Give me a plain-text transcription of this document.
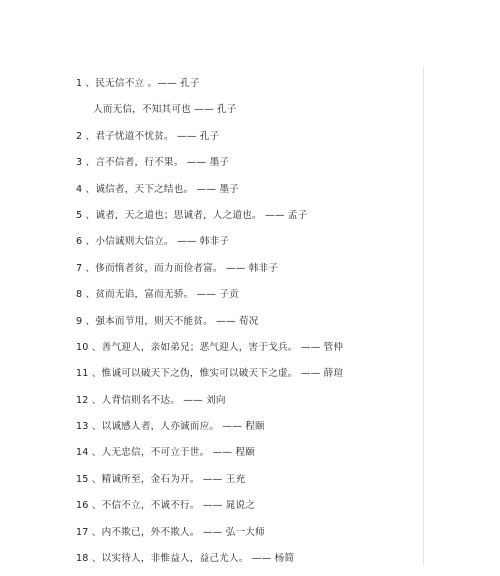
1 、民无信不立 。—— 孔子
人而无信，不知其可也 —— 孔子
2 、君子忧道不忧贫。 —— 孔子
3 、言不信者，行不果。 —— 墨子
4 、诚信者，天下之结也。 —— 墨子
5 、诚者，天之道也；思诚者，人之道也。 —— 孟子
6 、小信诚则大信立。 —— 韩非子
7 、侈而惰者贫，而力而俭者富。 —— 韩非子
8 、贫而无谄，富而无骄。 —— 子贡
9 、强本而节用，则天不能贫。 —— 荀况
10 、善气迎人，亲如弟兄；恶气迎人，害于戈兵。 —— 管仲
11 、惟诚可以破天下之伪，惟实可以破天下之虚。 —— 薛瑄
12 、人背信则名不达。 —— 刘向
13 、以诚感人者，人亦诚而应。 —— 程颐
14 、人无忠信，不可立于世。 —— 程颐
15 、精诚所至，金石为开。 —— 王充
16 、不信不立，不诚不行。 —— 晁说之
17 、内不欺已，外不欺人。 —— 弘一大师
18 、以实待人，非惟益人，益己尤人。 —— 杨简
